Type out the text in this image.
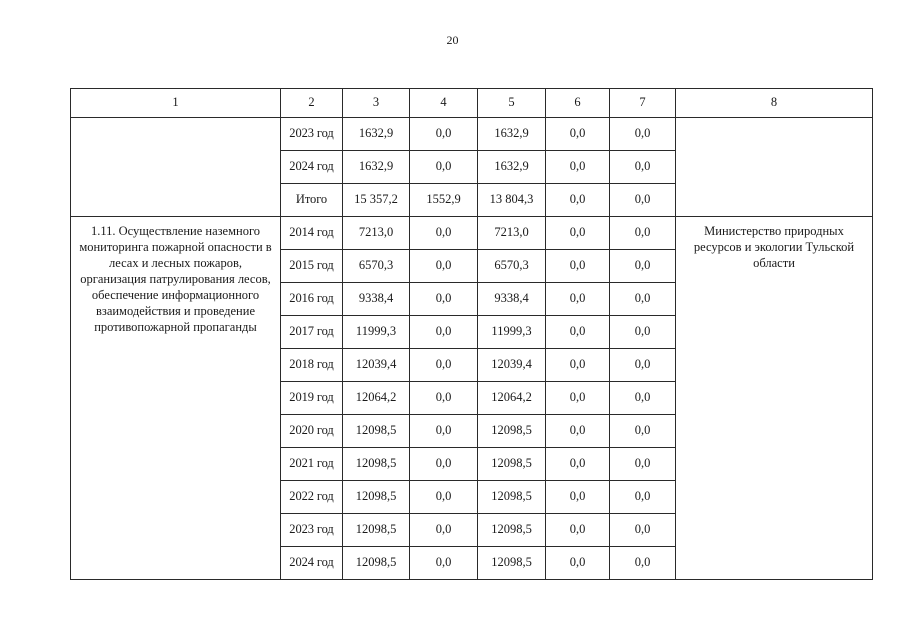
20
1	2	3	4	5	6	7	8
	2023 год	1632,9	0,0	1632,9	0,0	0,0	
	2024 год	1632,9	0,0	1632,9	0,0	0,0	
	Итого	15 357,2	1552,9	13 804,3	0,0	0,0	
1.11. Осуществление наземного мониторинга пожарной опасности в лесах и лесных пожаров, организация патрулирования лесов, обеспечение информационного взаимодействия и проведение противопожарной пропаганды	2014 год	7213,0	0,0	7213,0	0,0	0,0	Министерство природных ресурсов и экологии Тульской области
	2015 год	6570,3	0,0	6570,3	0,0	0,0	
	2016 год	9338,4	0,0	9338,4	0,0	0,0	
	2017 год	11999,3	0,0	11999,3	0,0	0,0	
	2018 год	12039,4	0,0	12039,4	0,0	0,0	
	2019 год	12064,2	0,0	12064,2	0,0	0,0	
	2020 год	12098,5	0,0	12098,5	0,0	0,0	
	2021 год	12098,5	0,0	12098,5	0,0	0,0	
	2022 год	12098,5	0,0	12098,5	0,0	0,0	
	2023 год	12098,5	0,0	12098,5	0,0	0,0	
	2024 год	12098,5	0,0	12098,5	0,0	0,0	
